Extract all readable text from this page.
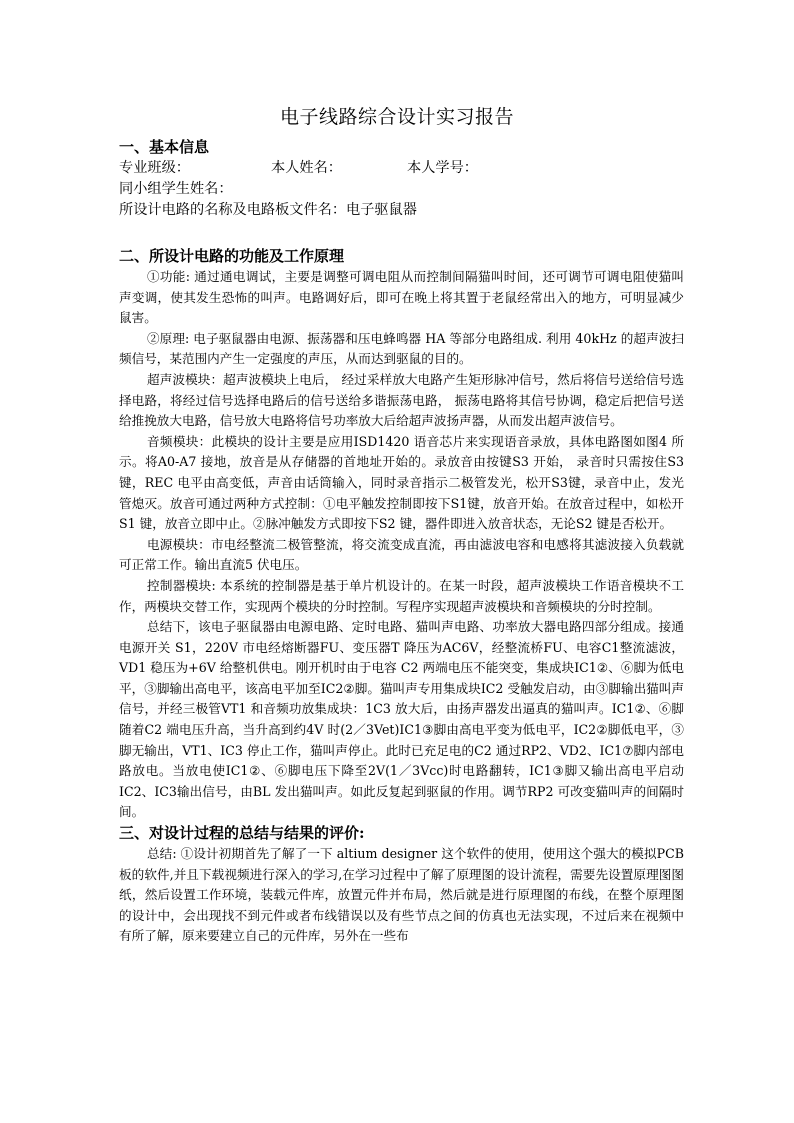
电子线路综合设计实习报告
一、基本信息
专业班级：	本人姓名：	本人学号：
同小组学生姓名：
所设计电路的名称及电路板文件名：电子驱鼠器
二、所设计电路的功能及工作原理

①功能: 通过通电调试，主要是调整可调电阻从而控制间隔猫叫时间，还可调节可调电阻使猫叫声变调，使其发生恐怖的叫声。电路调好后，即可在晚上将其置于老鼠经常出入的地方，可明显减少鼠害。

②原理: 电子驱鼠器由电源、振荡器和压电蜂鸣器 HA 等部分电路组成. 利用 40kHz 的超声波扫频信号，某范围内产生一定强度的声压，从而达到驱鼠的目的。

超声波模块：超声波模块上电后， 经过采样放大电路产生矩形脉冲信号，然后将信号送给信号选择电路，将经过信号选择电路后的信号送给多谐振荡电路， 振荡电路将其信号协调，稳定后把信号送给推挽放大电路，信号放大电路将信号功率放大后给超声波扬声器，从而发出超声波信号。

音频模块：此模块的设计主要是应用ISD1420 语音芯片来实现语音录放，具体电路图如图4 所示。将A0-A7 接地，放音是从存储器的首地址开始的。录放音由按键S3 开始， 录音时只需按住S3 键，REC 电平由高变低，声音由话筒输入，同时录音指示二极管发光，松开S3键，录音中止，发光管熄灭。放音可通过两种方式控制：①电平触发控制即按下S1键，放音开始。在放音过程中，如松开S1 键，放音立即中止。②脉冲触发方式即按下S2 键，器件即进入放音状态，无论S2 键是否松开。

电源模块：市电经整流二极管整流，将交流变成直流，再由滤波电容和电感将其滤波接入负载就可正常工作。输出直流5 伏电压。

控制器模块: 本系统的控制器是基于单片机设计的。在某一时段，超声波模块工作语音模块不工作，两模块交替工作，实现两个模块的分时控制。写程序实现超声波模块和音频模块的分时控制。

总结下，该电子驱鼠器由电源电路、定时电路、猫叫声电路、功率放大器电路四部分组成。接通电源开关 S1，220V 市电经熔断器FU、变压器T 降压为AC6V，经整流桥FU、电容C1整流滤波，VD1 稳压为+6V 给整机供电。刚开机时由于电容 C2 两端电压不能突变，集成块IC1②、⑥脚为低电平，③脚输出高电平，该高电平加至IC2②脚。猫叫声专用集成块IC2 受触发启动，由③脚输出猫叫声信号，并经三极管VT1 和音频功放集成块：1C3 放大后，由扬声器发出逼真的猫叫声。IC1②、⑥脚随着C2 端电压升高，当升高到约4V 时(2／3Vet)IC1③脚由高电平变为低电平，IC2②脚低电平，③脚无输出，VT1、IC3 停止工作，猫叫声停止。此时已充足电的C2 通过RP2、VD2、IC1⑦脚内部电路放电。当放电使IC1②、⑥脚电压下降至2V(1／3Vcc)时电路翻转，IC1③脚又输出高电平启动IC2、IC3输出信号，由BL 发出猫叫声。如此反复起到驱鼠的作用。调节RP2 可改变猫叫声的间隔时间。

三、对设计过程的总结与结果的评价:

总结: ①设计初期首先了解了一下 altium designer 这个软件的使用，使用这个强大的模拟PCB板的软件,并且下载视频进行深入的学习,在学习过程中了解了原理图的设计流程，需要先设置原理图图纸，然后设置工作环境，装载元件库，放置元件并布局，然后就是进行原理图的布线，在整个原理图的设计中，会出现找不到元件或者布线错误以及有些节点之间的仿真也无法实现，不过后来在视频中有所了解，原来要建立自己的元件库，另外在一些布
